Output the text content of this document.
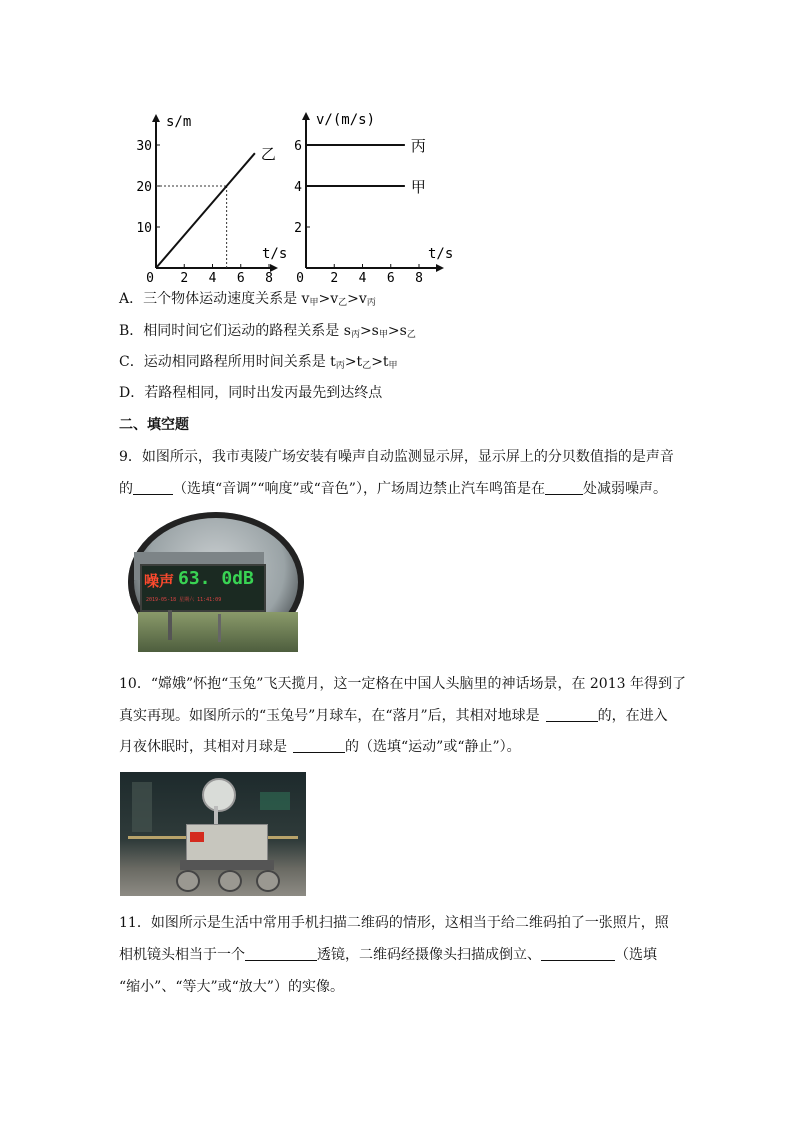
s/m
t/s
0 2 4 6 8
10
20
30	乙
v/(m/s)
t/s
0 2 4 6 8
2
4
6	丙
甲
A．三个物体运动速度关系是 $v_甲>v_乙>v_丙$
B．相同时间它们运动的路程关系是 $s_丙>s_甲>s_乙$
C．运动相同路程所用时间关系是 $t_丙>t_乙>t_甲$
D．若路程相同，同时出发丙最先到达终点
二、填空题
9．如图所示，我市夷陵广场安装有噪声自动监测显示屏，显示屏上的分贝数值指的是声音
的	（选填“音调”“响度”或“音色”），广场周边禁止汽车鸣笛是在	处减弱噪声。
噪声 63. 0dB
2019-05-18 星期六 11:41:09
10．“嫦娥”怀抱“玉兔”飞天揽月，这一定格在中国人头脑里的神话场景，在 2013 年得到了
真实再现。如图所示的“玉兔号”月球车，在“落月”后，其相对地球是	的，在进入
月夜休眠时，其相对月球是	的（选填“运动”或“静止”）。
11．如图所示是生活中常用手机扫描二维码的情形，这相当于给二维码拍了一张照片，照
相机镜头相当于一个	透镜，二维码经摄像头扫描成倒立、	（选填
“缩小”、“等大”或“放大”）的实像。
